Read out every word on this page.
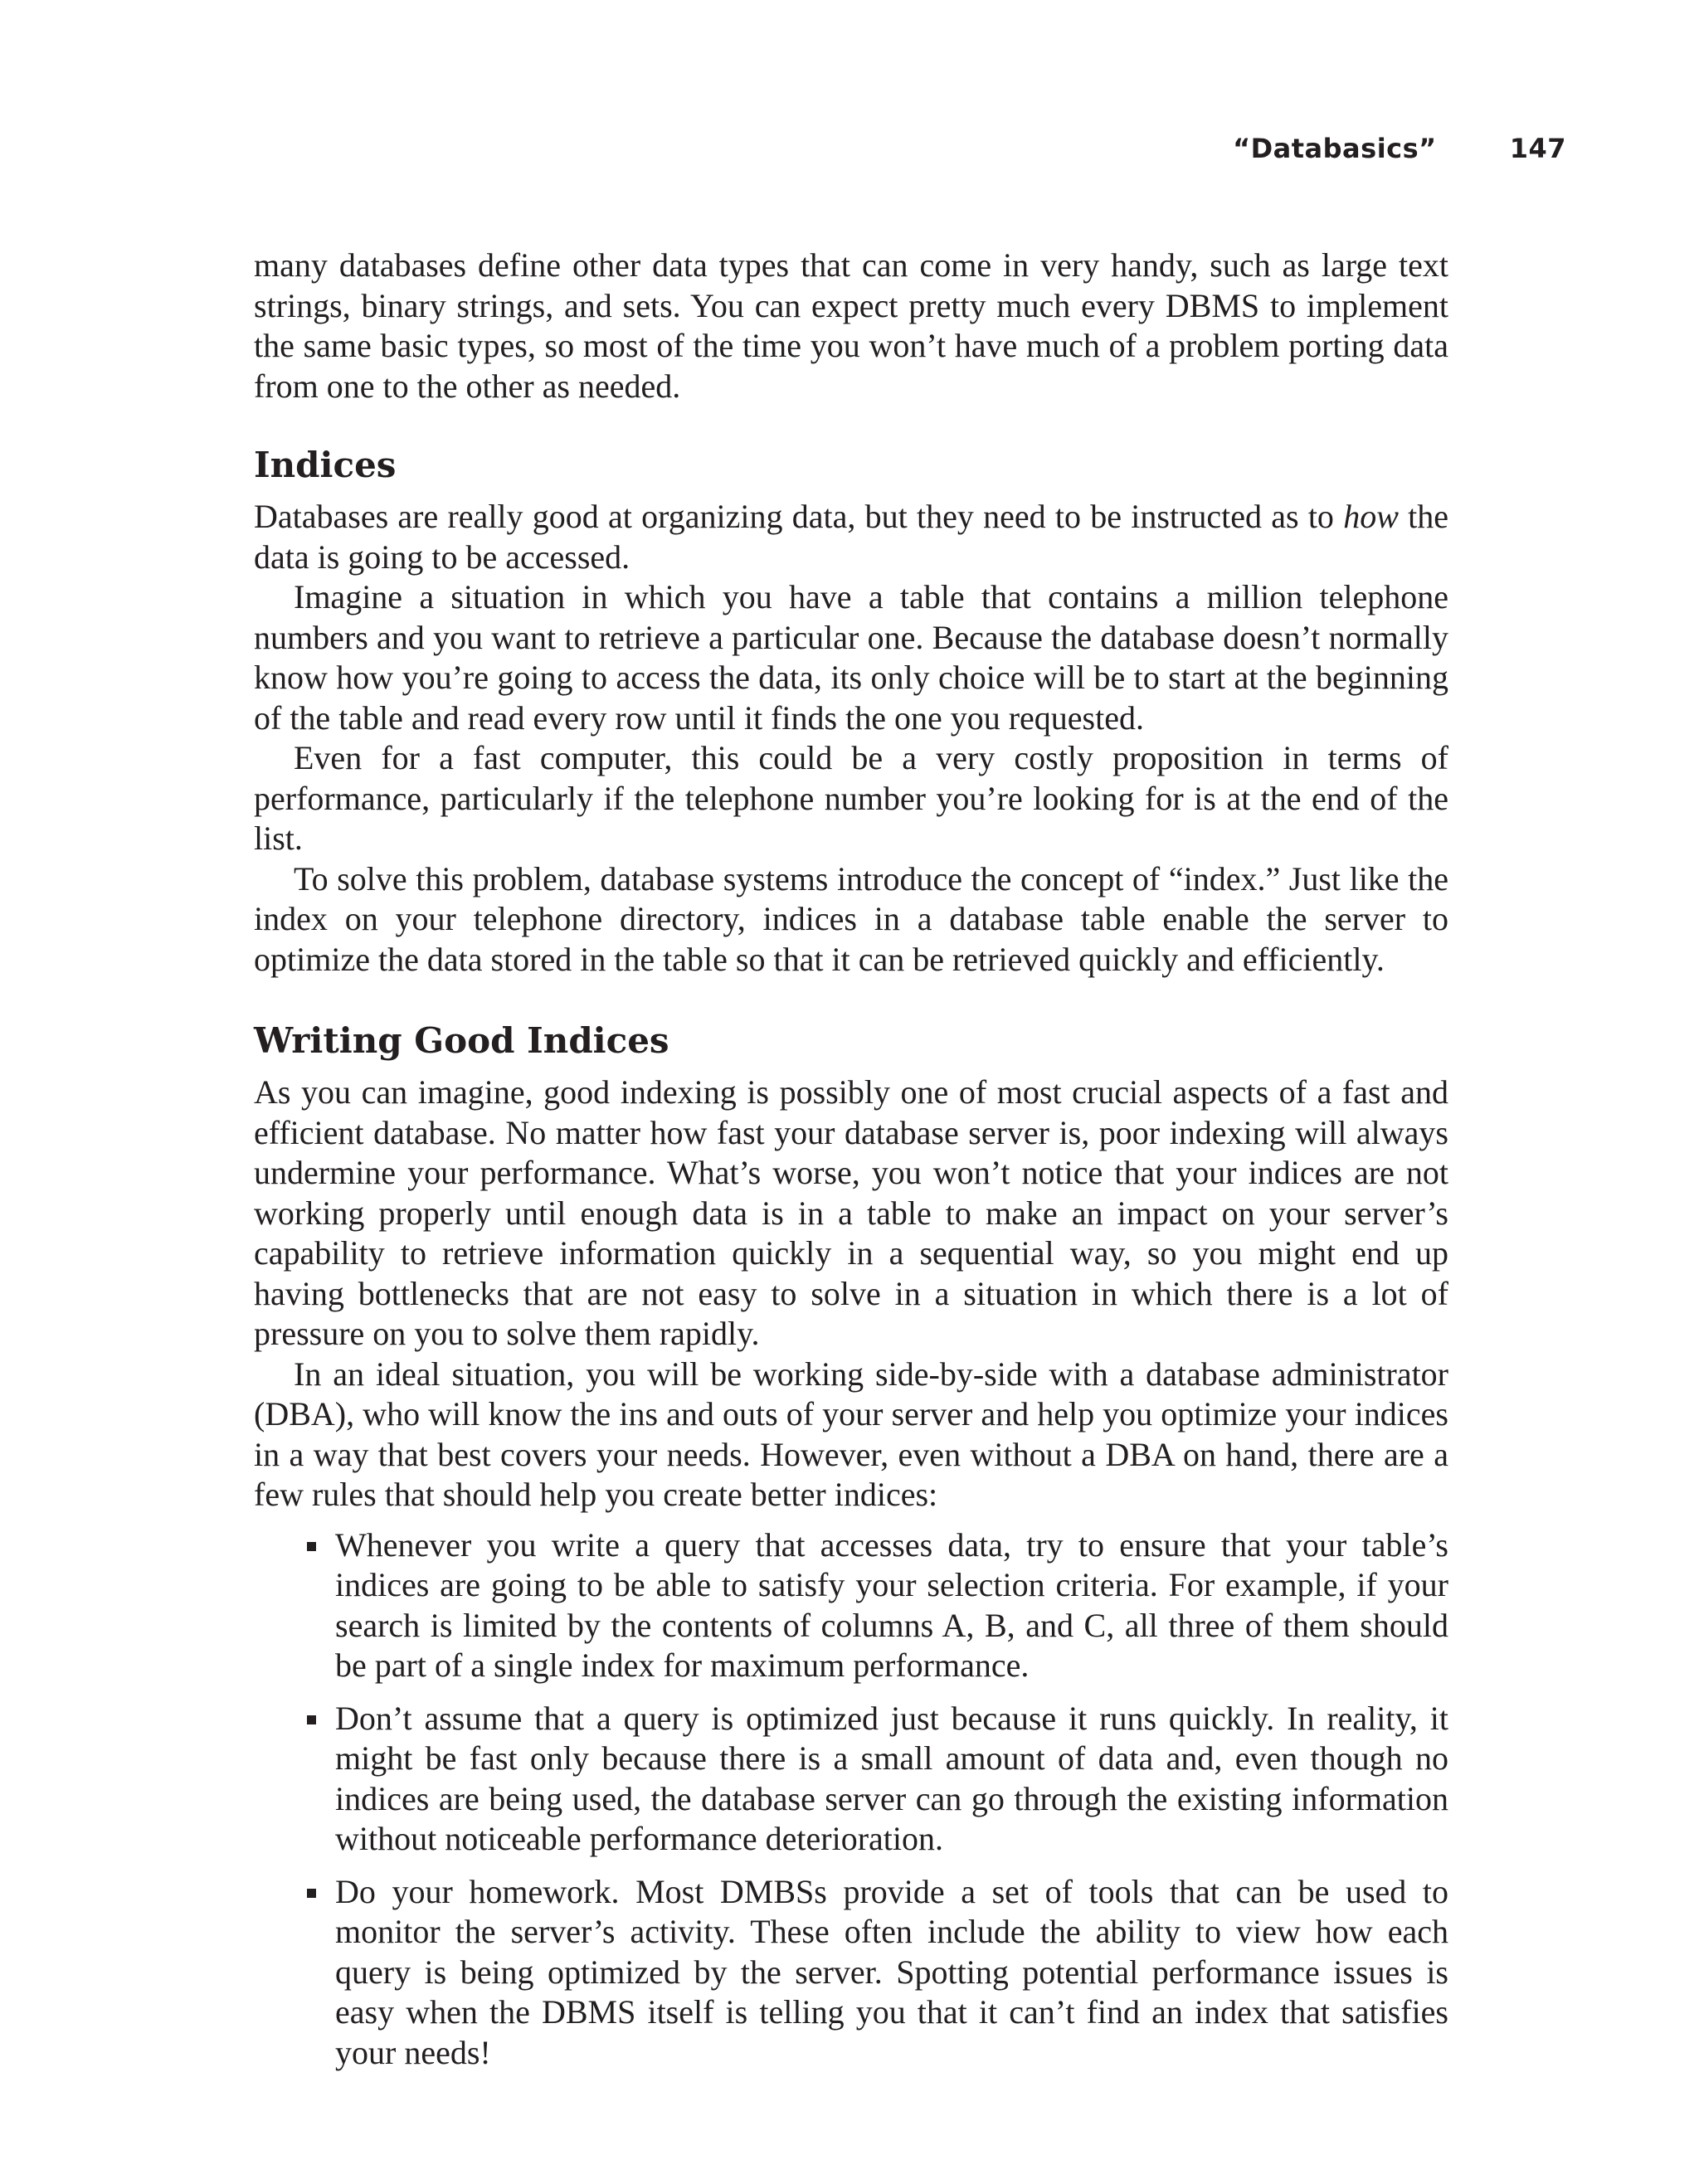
“Databasics”	147

many databases define other data types that can come in very handy, such as large text strings, binary strings, and sets. You can expect pretty much every DBMS to implement the same basic types, so most of the time you won’t have much of a problem porting data from one to the other as needed.

Indices

Databases are really good at organizing data, but they need to be instructed as to how the data is going to be accessed.

Imagine a situation in which you have a table that contains a million telephone numbers and you want to retrieve a particular one. Because the database doesn’t normally know how you’re going to access the data, its only choice will be to start at the beginning of the table and read every row until it finds the one you requested.

Even for a fast computer, this could be a very costly proposition in terms of performance, particularly if the telephone number you’re looking for is at the end of the list.

To solve this problem, database systems introduce the concept of “index.” Just like the index on your telephone directory, indices in a database table enable the server to optimize the data stored in the table so that it can be retrieved quickly and efficiently.

Writing Good Indices

As you can imagine, good indexing is possibly one of most crucial aspects of a fast and efficient database. No matter how fast your database server is, poor indexing will always undermine your performance. What’s worse, you won’t notice that your indices are not working properly until enough data is in a table to make an impact on your server’s capability to retrieve information quickly in a sequential way, so you might end up having bottlenecks that are not easy to solve in a situation in which there is a lot of pressure on you to solve them rapidly.

In an ideal situation, you will be working side-by-side with a database administrator (DBA), who will know the ins and outs of your server and help you optimize your indices in a way that best covers your needs. However, even without a DBA on hand, there are a few rules that should help you create better indices:

Whenever you write a query that accesses data, try to ensure that your table’s indices are going to be able to satisfy your selection criteria. For example, if your search is limited by the contents of columns A, B, and C, all three of them should be part of a single index for maximum performance.

Don’t assume that a query is optimized just because it runs quickly. In reality, it might be fast only because there is a small amount of data and, even though no indices are being used, the database server can go through the existing information without noticeable performance deterioration.

Do your homework. Most DMBSs provide a set of tools that can be used to monitor the server’s activity. These often include the ability to view how each query is being optimized by the server. Spotting potential performance issues is easy when the DBMS itself is telling you that it can’t find an index that satisfies your needs!
